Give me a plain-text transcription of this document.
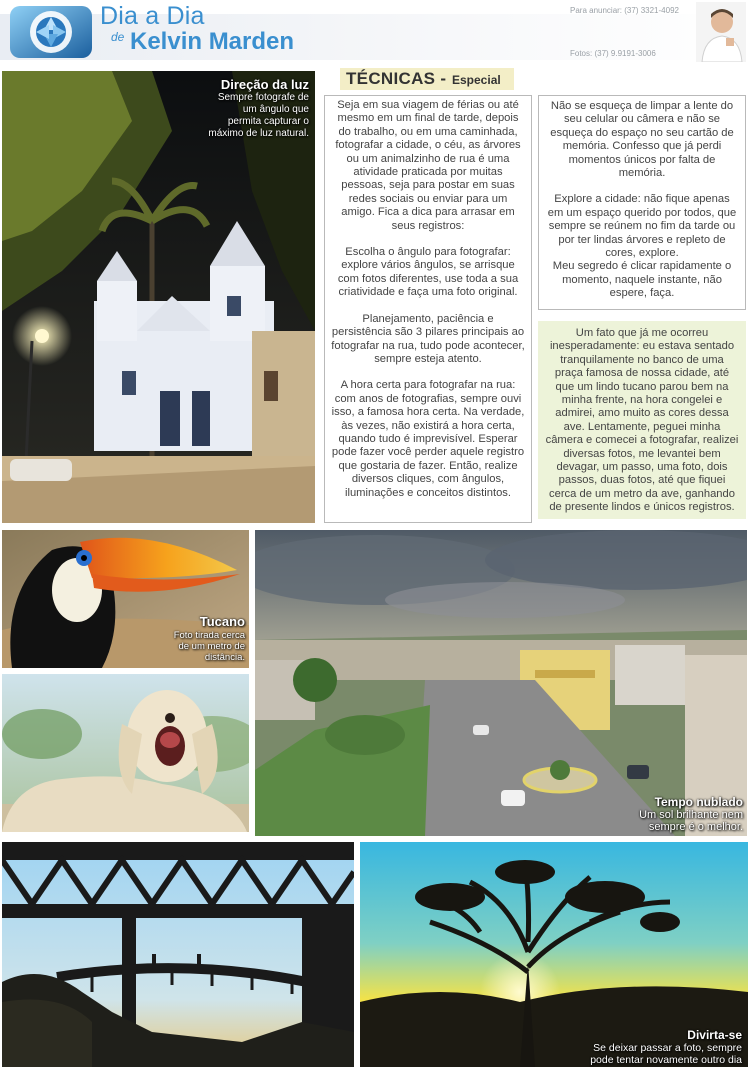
Dia a Dia
de Kelvin Marden
Para anunciar: (37) 3321-4092
Fotos: (37) 9.9191-3006
Direção da luz
Sempre fotografe de
um ângulo que
permita capturar o
máximo de luz natural.
TÉCNICAS - Especial

Seja em sua viagem de férias ou até mesmo em um final de tarde, depois do trabalho, ou em uma caminhada, fotografar a cidade, o céu, as árvores ou um animalzinho de rua é uma atividade praticada por muitas pessoas, seja para postar em suas redes sociais ou enviar para um amigo. Fica a dica para arrasar em seus registros:

Escolha o ângulo para fotografar: explore vários ângulos, se arrisque com fotos diferentes, use toda a sua criatividade e faça uma foto original.

Planejamento, paciência e persistência são 3 pilares principais ao fotografar na rua, tudo pode acontecer, sempre esteja atento.

A hora certa para fotografar na rua: com anos de fotografias, sempre ouvi isso, a famosa hora certa. Na verdade, às vezes, não existirá a hora certa, quando tudo é imprevisível. Esperar pode fazer você perder aquele registro que gostaria de fazer. Então, realize diversos cliques, com ângulos, iluminações e conceitos distintos.

Não se esqueça de limpar a lente do seu celular ou câmera e não se esqueça do espaço no seu cartão de memória. Confesso que já perdi momentos únicos por falta de memória.

Explore a cidade: não fique apenas em um espaço querido por todos, que sempre se reúnem no fim da tarde ou por ter lindas árvores e repleto de cores, explore.

Meu segredo é clicar rapidamente o momento, naquele instante, não espere, faça.

Um fato que já me ocorreu inesperadamente: eu estava sentado tranquilamente no banco de uma praça famosa de nossa cidade, até que um lindo tucano parou bem na minha frente, na hora congelei e admirei, amo muito as cores dessa ave. Lentamente, peguei minha câmera e comecei a fotografar, realizei diversas fotos, me levantei bem devagar, um passo, uma foto, dois passos, duas fotos, até que fiquei cerca de um metro da ave, ganhando de presente lindos e únicos registros.
Tucano
Foto tirada cerca
de um metro de
distância.
Tempo nublado
Um sol brilhante nem
sempre é o melhor.
Divirta-se
Se deixar passar a foto, sempre
pode tentar novamente outro dia
